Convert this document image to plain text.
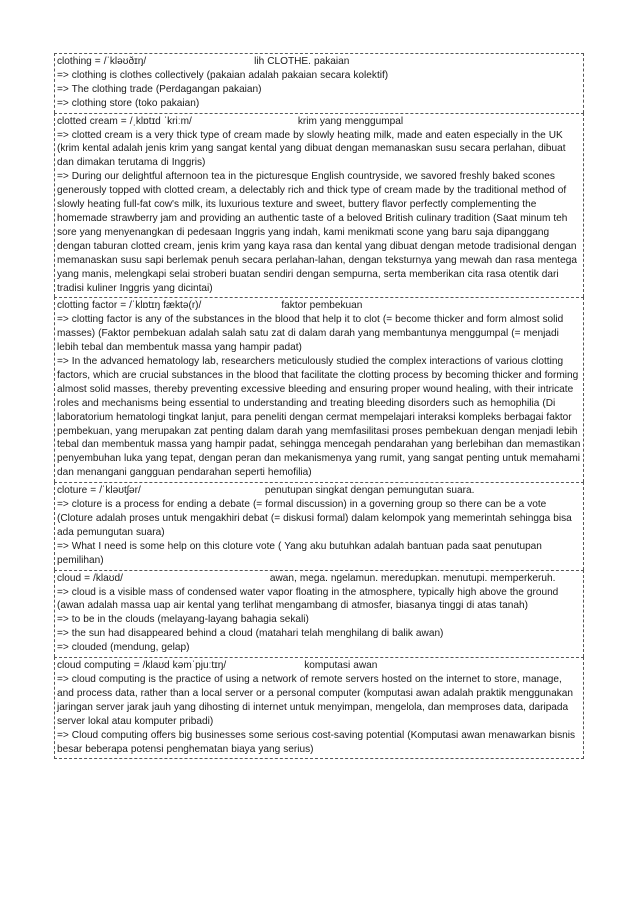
clothing = /ˈkləʊðɪŋ/	lih CLOTHE. pakaian
=> clothing is clothes collectively (pakaian adalah pakaian secara kolektif)
=> The clothing trade (Perdagangan pakaian)
=> clothing store (toko pakaian)
clotted cream = /ˌklɒtɪd ˈkriːm/	krim yang menggumpal
=> clotted cream is a very thick type of cream made by slowly heating milk, made and eaten especially in the UK (krim kental adalah jenis krim yang sangat kental yang dibuat dengan memanaskan susu secara perlahan, dibuat dan dimakan terutama di Inggris)
=> During our delightful afternoon tea in the picturesque English countryside, we savored freshly baked scones generously topped with clotted cream, a delectably rich and thick type of cream made by the traditional method of slowly heating full-fat cow's milk, its luxurious texture and sweet, buttery flavor perfectly complementing the homemade strawberry jam and providing an authentic taste of a beloved British culinary tradition (Saat minum teh sore yang menyenangkan di pedesaan Inggris yang indah, kami menikmati scone yang baru saja dipanggang dengan taburan clotted cream, jenis krim yang kaya rasa dan kental yang dibuat dengan metode tradisional dengan memanaskan susu sapi berlemak penuh secara perlahan-lahan, dengan teksturnya yang mewah dan rasa mentega yang manis, melengkapi selai stroberi buatan sendiri dengan sempurna, serta memberikan cita rasa otentik dari tradisi kuliner Inggris yang dicintai)
clotting factor = /ˈklɒtɪŋ fæktə(r)/	faktor pembekuan
=> clotting factor is any of the substances in the blood that help it to clot (= become thicker and form almost solid masses) (Faktor pembekuan adalah salah satu zat di dalam darah yang membantunya menggumpal (= menjadi lebih tebal dan membentuk massa yang hampir padat)
=> In the advanced hematology lab, researchers meticulously studied the complex interactions of various clotting factors, which are crucial substances in the blood that facilitate the clotting process by becoming thicker and forming almost solid masses, thereby preventing excessive bleeding and ensuring proper wound healing, with their intricate roles and mechanisms being essential to understanding and treating bleeding disorders such as hemophilia (Di laboratorium hematologi tingkat lanjut, para peneliti dengan cermat mempelajari interaksi kompleks berbagai faktor pembekuan, yang merupakan zat penting dalam darah yang memfasilitasi proses pembekuan dengan menjadi lebih tebal dan membentuk massa yang hampir padat, sehingga mencegah pendarahan yang berlebihan dan memastikan penyembuhan luka yang tepat, dengan peran dan mekanismenya yang rumit, yang sangat penting untuk memahami dan menangani gangguan pendarahan seperti hemofilia)
cloture = /ˈkləʊtʃər/	penutupan singkat dengan pemungutan suara.
=> cloture is a process for ending a debate (= formal discussion) in a governing group so there can be a vote (Cloture adalah proses untuk mengakhiri debat (= diskusi formal) dalam kelompok yang memerintah sehingga bisa ada pemungutan suara)
=> What I need is some help on this cloture vote ( Yang aku butuhkan adalah bantuan pada saat penutupan pemilihan)
cloud = /klaʊd/	awan, mega. ngelamun. meredupkan. menutupi. memperkeruh.
=> cloud is a visible mass of condensed water vapor floating in the atmosphere, typically high above the ground (awan adalah massa uap air kental yang terlihat mengambang di atmosfer, biasanya tinggi di atas tanah)
=> to be in the clouds (melayang-layang bahagia sekali)
=> the sun had disappeared behind a cloud (matahari telah menghilang di balik awan)
=> clouded (mendung, gelap)
cloud computing = /klaʊd kəmˈpjuːtɪŋ/	komputasi awan
=> cloud computing is the practice of using a network of remote servers hosted on the internet to store, manage, and process data, rather than a local server or a personal computer (komputasi awan adalah praktik menggunakan jaringan server jarak jauh yang dihosting di internet untuk menyimpan, mengelola, dan memproses data, daripada server lokal atau komputer pribadi)
=> Cloud computing offers big businesses some serious cost-saving potential (Komputasi awan menawarkan bisnis besar beberapa potensi penghematan biaya yang serius)
